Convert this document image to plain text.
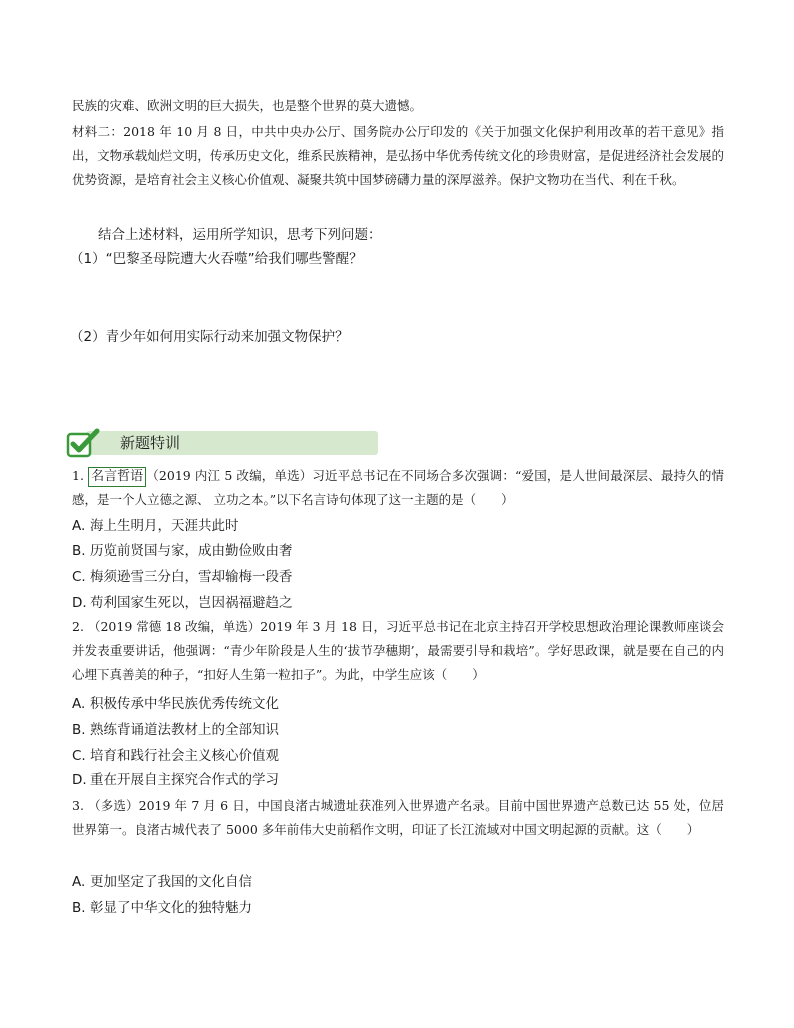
民族的灾难、欧洲文明的巨大损失，也是整个世界的莫大遗憾。

材料二：2018 年 10 月 8 日，中共中央办公厅、国务院办公厅印发的《关于加强文化保护利用改革的若干意见》指出，文物承载灿烂文明，传承历史文化，维系民族精神，是弘扬中华优秀传统文化的珍贵财富，是促进经济社会发展的优势资源，是培育社会主义核心价值观、凝聚共筑中国梦磅礴力量的深厚滋养。保护文物功在当代、利在千秋。

结合上述材料，运用所学知识，思考下列问题：

（1）“巴黎圣母院遭大火吞噬”给我们哪些警醒？

（2）青少年如何用实际行动来加强文物保护？

新题特训

1. 名言哲语 （2019 内江 5 改编，单选）习近平总书记在不同场合多次强调：“爱国，是人世间最深层、最持久的情感，是一个人立德之源、 立功之本。”以下名言诗句体现了这一主题的是（　　）

A. 海上生明月，天涯共此时
B. 历览前贤国与家，成由勤俭败由奢
C. 梅须逊雪三分白，雪却输梅一段香
D. 苟利国家生死以，岂因祸福避趋之

2. （2019 常德 18 改编，单选）2019 年 3 月 18 日，习近平总书记在北京主持召开学校思想政治理论课教师座谈会并发表重要讲话，他强调：“青少年阶段是人生的‘拔节孕穗期’，最需要引导和栽培”。学好思政课，就是要在自己的内心埋下真善美的种子，“扣好人生第一粒扣子”。为此，中学生应该（　　）

A. 积极传承中华民族优秀传统文化
B. 熟练背诵道法教材上的全部知识
C. 培育和践行社会主义核心价值观
D. 重在开展自主探究合作式的学习

3. （多选）2019 年 7 月 6 日，中国良渚古城遗址获准列入世界遗产名录。目前中国世界遗产总数已达 55 处，位居世界第一。良渚古城代表了 5000 多年前伟大史前稻作文明，印证了长江流域对中国文明起源的贡献。这（　　）

A. 更加坚定了我国的文化自信
B. 彰显了中华文化的独特魅力
